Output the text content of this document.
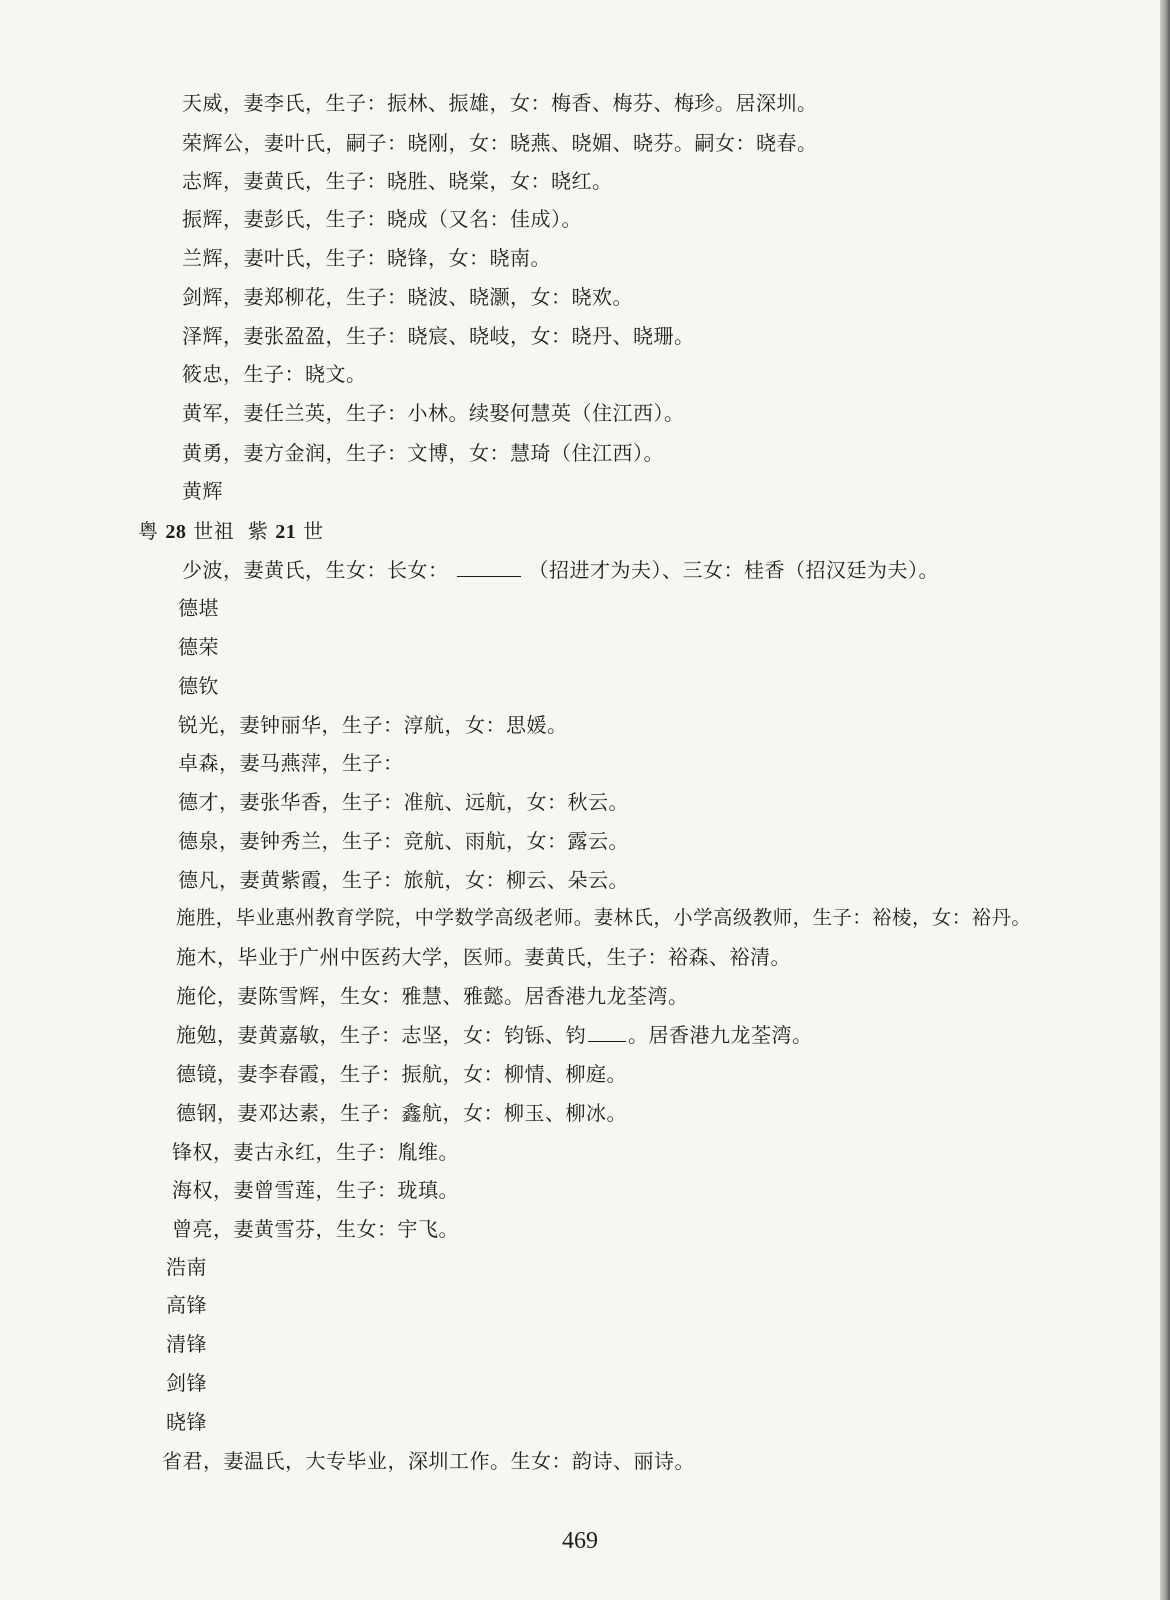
天威，妻李氏，生子：振林、振雄，女：梅香、梅芬、梅珍。居深圳。
荣辉公，妻叶氏，嗣子：晓刚，女：晓燕、晓媚、晓芬。嗣女：晓春。
志辉，妻黄氏，生子：晓胜、晓棠，女：晓红。
振辉，妻彭氏，生子：晓成（又名：佳成）。
兰辉，妻叶氏，生子：晓锋，女：晓南。
剑辉，妻郑柳花，生子：晓波、晓灏，女：晓欢。
泽辉，妻张盈盈，生子：晓宸、晓岐，女：晓丹、晓珊。
筱忠，生子：晓文。
黄军，妻任兰英，生子：小林。续娶何慧英（住江西）。
黄勇，妻方金润，生子：文博，女：慧琦（住江西）。
黄辉
粤 28 世祖  紫 21 世
少波，妻黄氏，生女：长女：	（招进才为夫）、三女：桂香（招汉廷为夫）。
德堪
德荣
德钦
锐光，妻钟丽华，生子：淳航，女：思媛。
卓森，妻马燕萍，生子：
德才，妻张华香，生子：准航、远航，女：秋云。
德泉，妻钟秀兰，生子：竞航、雨航，女：露云。
德凡，妻黄紫霞，生子：旅航，女：柳云、朵云。
施胜，毕业惠州教育学院，中学数学高级老师。妻林氏，小学高级教师，生子：裕棱，女：裕丹。
施木，毕业于广州中医药大学，医师。妻黄氏，生子：裕森、裕清。
施伦，妻陈雪辉，生女：雅慧、雅懿。居香港九龙荃湾。
施勉，妻黄嘉敏，生子：志坚，女：钧铄、钧 。居香港九龙荃湾。
德镜，妻李春霞，生子：振航，女：柳情、柳庭。
德钢，妻邓达素，生子：鑫航，女：柳玉、柳冰。
锋权，妻古永红，生子：胤维。
海权，妻曾雪莲，生子：珑瑱。
曾亮，妻黄雪芬，生女：宇飞。
浩南
高锋
清锋
剑锋
晓锋
省君，妻温氏，大专毕业，深圳工作。生女：韵诗、丽诗。
469
